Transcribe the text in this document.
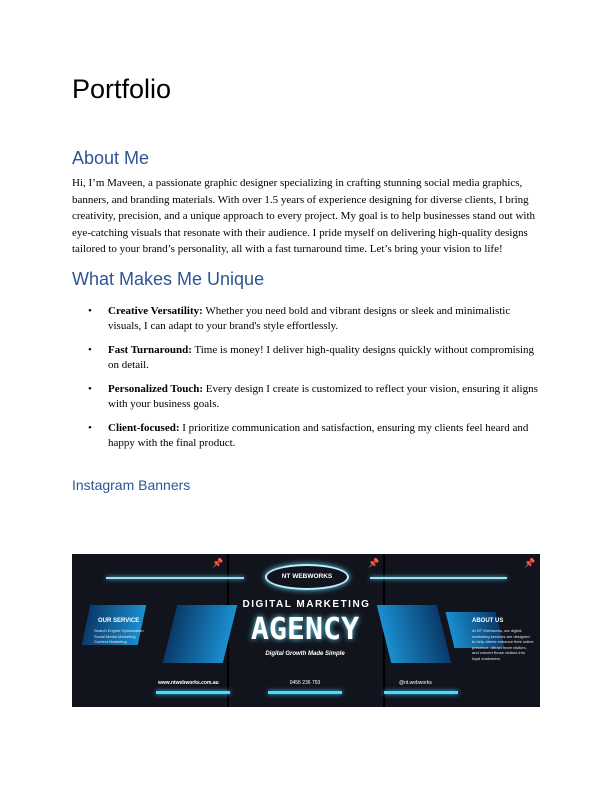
Portfolio
About Me
Hi, I’m Maveen, a passionate graphic designer specializing in crafting stunning social media graphics, banners, and branding materials. With over 1.5 years of experience designing for diverse clients, I bring creativity, precision, and a unique approach to every project. My goal is to help businesses stand out with eye-catching visuals that resonate with their audience. I pride myself on delivering high-quality designs tailored to your brand’s personality, all with a fast turnaround time. Let’s bring your vision to life!
What Makes Me Unique
• Creative Versatility: Whether you need bold and vibrant designs or sleek and minimalistic visuals, I can adapt to your brand's style effortlessly.
• Fast Turnaround: Time is money! I deliver high-quality designs quickly without compromising on detail.
• Personalized Touch: Every design I create is customized to reflect your vision, ensuring it aligns with your business goals.
• Client-focused: I prioritize communication and satisfaction, ensuring my clients feel heard and happy with the final product.
Instagram Banners
📌	📌	📌
NT WEBWORKS
OUR SERVICE
Search Engine Optimization
Social Media Marketing
Content Marketing
DIGITAL MARKETING
AGENCY
Digital Growth Made Simple
ABOUT US
At NT Webworks, our digital marketing services are designed to help clients enhance their online presence, attract more visitors, and convert those visitors into loyal customers.
www.ntwebworks.com.au	0456 236 793	@nt.webworks
